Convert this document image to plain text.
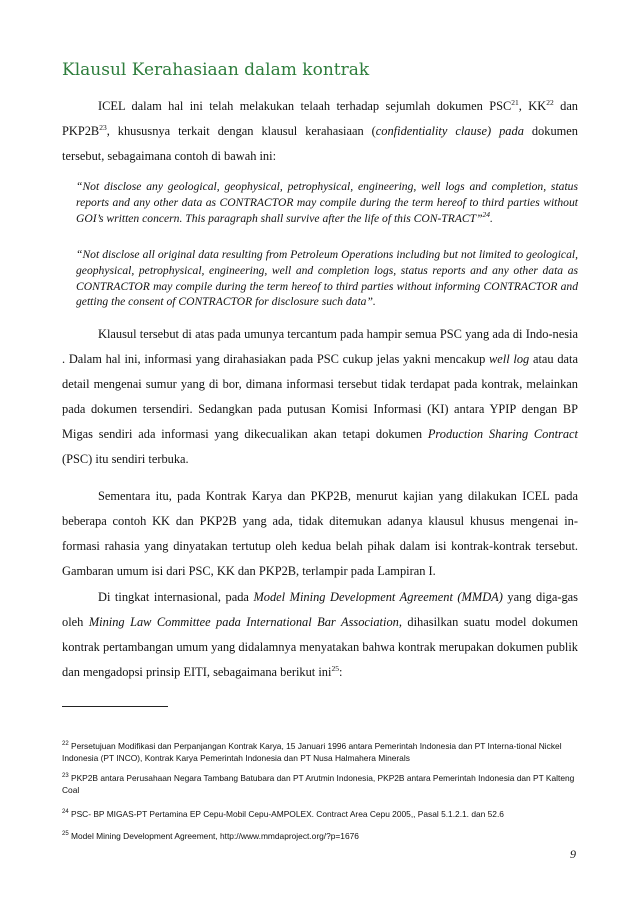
Klausul Kerahasiaan dalam kontrak

ICEL dalam hal ini telah melakukan telaah terhadap sejumlah dokumen PSC$^{21}$, KK$^{22}$ dan $PKP2B^{23}$, khususnya terkait dengan klausul kerahasiaan (confidentiality clause) pada dokumen tersebut, sebagaimana contoh di bawah ini:

“Not disclose any geological, geophysical, petrophysical, engineering, well logs and completion, status reports and any other data as CONTRACTOR may compile during the term hereof to third parties without GOI’s written concern. This paragraph shall survive after the life of this CON-TRACT”$^{24}$.

“Not disclose all original data resulting from Petroleum Operations including but not limited to geological, geophysical, petrophysical, engineering, well and completion logs, status reports and any other data as CONTRACTOR may compile during the term hereof to third parties without informing CONTRACTOR and getting the consent of CONTRACTOR for disclosure such data”.

Klausul tersebut di atas pada umunya tercantum pada hampir semua PSC yang ada di Indo-nesia . Dalam hal ini, informasi yang dirahasiakan pada PSC cukup jelas yakni mencakup well log atau data detail mengenai sumur yang di bor, dimana informasi tersebut tidak terdapat pada kontrak, melainkan pada dokumen tersendiri. Sedangkan pada putusan Komisi Informasi (KI) antara YPIP dengan BP Migas sendiri ada informasi yang dikecualikan akan tetapi dokumen Production Sharing Contract (PSC) itu sendiri terbuka.

Sementara itu, pada Kontrak Karya dan PKP2B, menurut kajian yang dilakukan ICEL pada beberapa contoh KK dan PKP2B yang ada, tidak ditemukan adanya klausul khusus mengenai in-formasi rahasia yang dinyatakan tertutup oleh kedua belah pihak dalam isi kontrak-kontrak tersebut. Gambaran umum isi dari PSC, KK dan PKP2B, terlampir pada Lampiran I.

Di tingkat internasional, pada Model Mining Development Agreement (MMDA) yang diga-gas oleh Mining Law Committee pada International Bar Association, dihasilkan suatu model dokumen kontrak pertambangan umum yang didalamnya menyatakan bahwa kontrak merupakan dokumen publik dan mengadopsi prinsip EITI, sebagaimana berikut ini$^{25}$:

$^{22}$ Persetujuan Modifikasi dan Perpanjangan Kontrak Karya, 15 Januari 1996 antara Pemerintah Indonesia dan PT Interna-tional Nickel Indonesia (PT INCO), Kontrak Karya Pemerintah Indonesia dan PT Nusa Halmahera Minerals

$^{23}$ PKP2B antara Perusahaan Negara Tambang Batubara dan PT Arutmin Indonesia, PKP2B antara Pemerintah Indonesia dan PT Kalteng Coal

$^{24}$ PSC- BP MIGAS-PT Pertamina EP Cepu-Mobil Cepu-AMPOLEX. Contract Area Cepu 2005,, Pasal 5.1.2.1. dan 52.6

$^{25}$ Model Mining Development Agreement, http://www.mmdaproject.org/?p=1676

9
